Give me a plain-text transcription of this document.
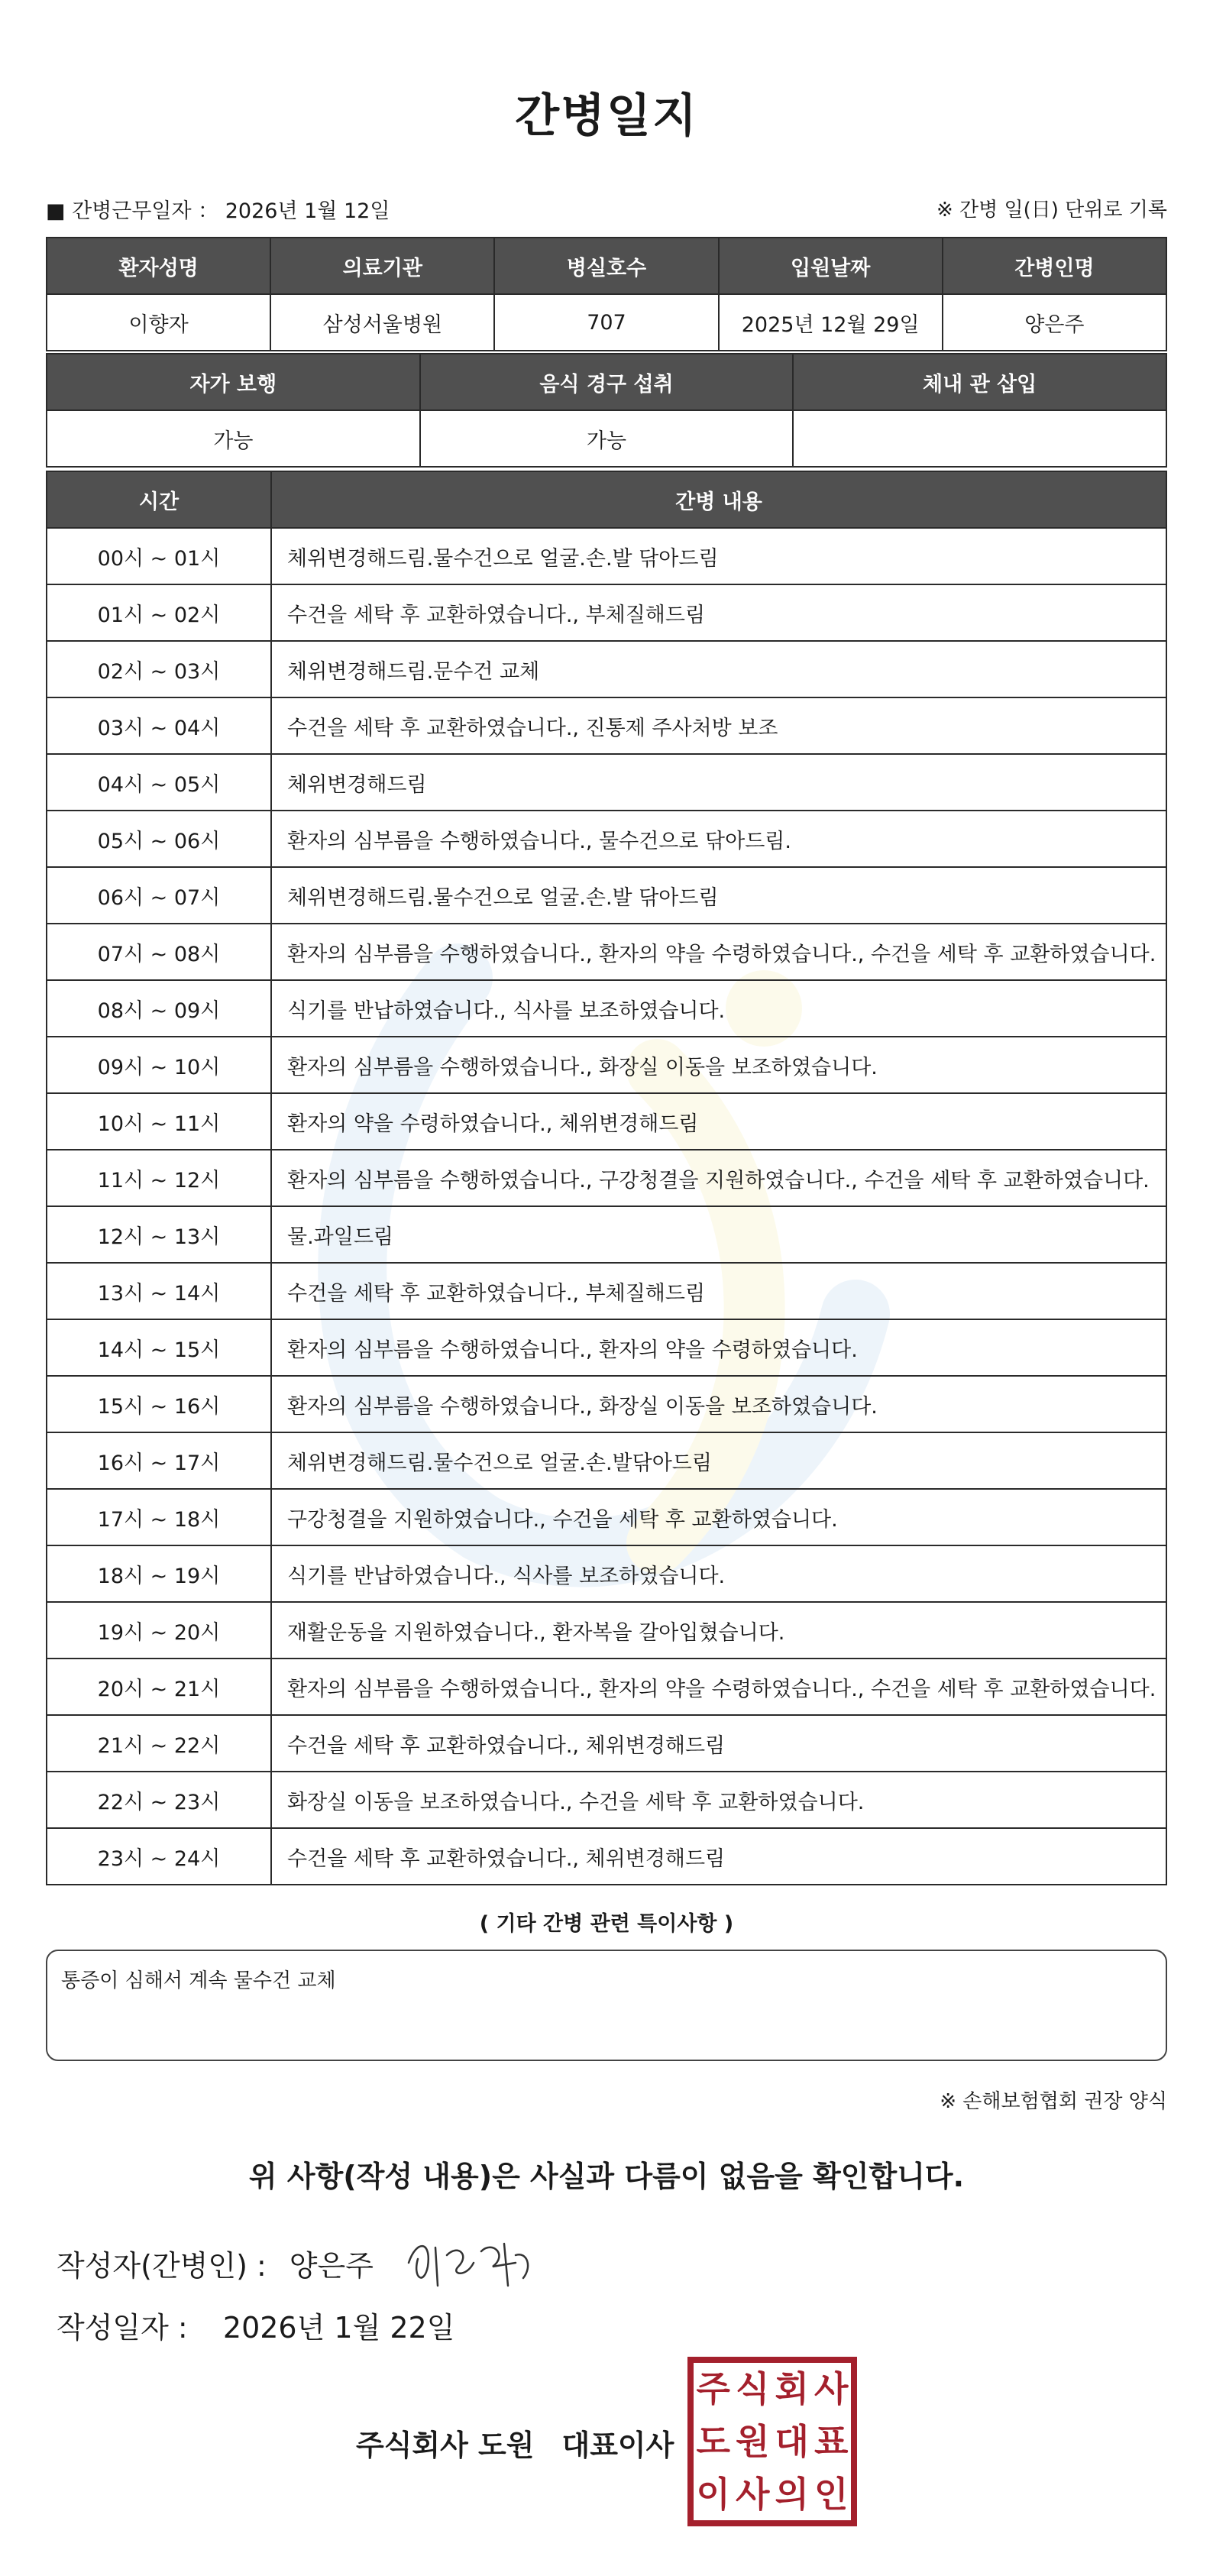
간병일지
■ 간병근무일자 ： 2026년 1월 12일	※ 간병 일(日) 단위로 기록
환자성명	의료기관	병실호수	입원날짜	간병인명
이향자	삼성서울병원	707	2025년 12월 29일	양은주
자가 보행	음식 경구 섭취	체내 관 삽입
가능	가능	
시간	간병 내용
00시 ~ 01시	체위변경해드림.물수건으로 얼굴.손.발 닦아드림
01시 ~ 02시	수건을 세탁 후 교환하였습니다., 부체질해드림
02시 ~ 03시	체위변경해드림.문수건 교체
03시 ~ 04시	수건을 세탁 후 교환하였습니다., 진통제 주사처방 보조
04시 ~ 05시	체위변경해드림
05시 ~ 06시	환자의 심부름을 수행하였습니다., 물수건으로 닦아드림.
06시 ~ 07시	체위변경해드림.물수건으로 얼굴.손.발 닦아드림
07시 ~ 08시	환자의 심부름을 수행하였습니다., 환자의 약을 수령하였습니다., 수건을 세탁 후 교환하였습니다.
08시 ~ 09시	식기를 반납하였습니다., 식사를 보조하였습니다.
09시 ~ 10시	환자의 심부름을 수행하였습니다., 화장실 이동을 보조하였습니다.
10시 ~ 11시	환자의 약을 수령하였습니다., 체위변경해드림
11시 ~ 12시	환자의 심부름을 수행하였습니다., 구강청결을 지원하였습니다., 수건을 세탁 후 교환하였습니다.
12시 ~ 13시	물.과일드림
13시 ~ 14시	수건을 세탁 후 교환하였습니다., 부체질해드림
14시 ~ 15시	환자의 심부름을 수행하였습니다., 환자의 약을 수령하였습니다.
15시 ~ 16시	환자의 심부름을 수행하였습니다., 화장실 이동을 보조하였습니다.
16시 ~ 17시	체위변경해드림.물수건으로 얼굴.손.발닦아드림
17시 ~ 18시	구강청결을 지원하였습니다., 수건을 세탁 후 교환하였습니다.
18시 ~ 19시	식기를 반납하였습니다., 식사를 보조하였습니다.
19시 ~ 20시	재활운동을 지원하였습니다., 환자복을 갈아입혔습니다.
20시 ~ 21시	환자의 심부름을 수행하였습니다., 환자의 약을 수령하였습니다., 수건을 세탁 후 교환하였습니다.
21시 ~ 22시	수건을 세탁 후 교환하였습니다., 체위변경해드림
22시 ~ 23시	화장실 이동을 보조하였습니다., 수건을 세탁 후 교환하였습니다.
23시 ~ 24시	수건을 세탁 후 교환하였습니다., 체위변경해드림
( 기타 간병 관련 특이사항 )
통증이 심해서 계속 물수건 교체
※ 손해보험협회 권장 양식
위 사항(작성 내용)은 사실과 다름이 없음을 확인합니다.
작성자(간병인) : 양은주
작성일자 : 2026년 1월 22일
주식회사 도원 대표이사
주 식 회 사
도 원 대 표
이 사 의 인
